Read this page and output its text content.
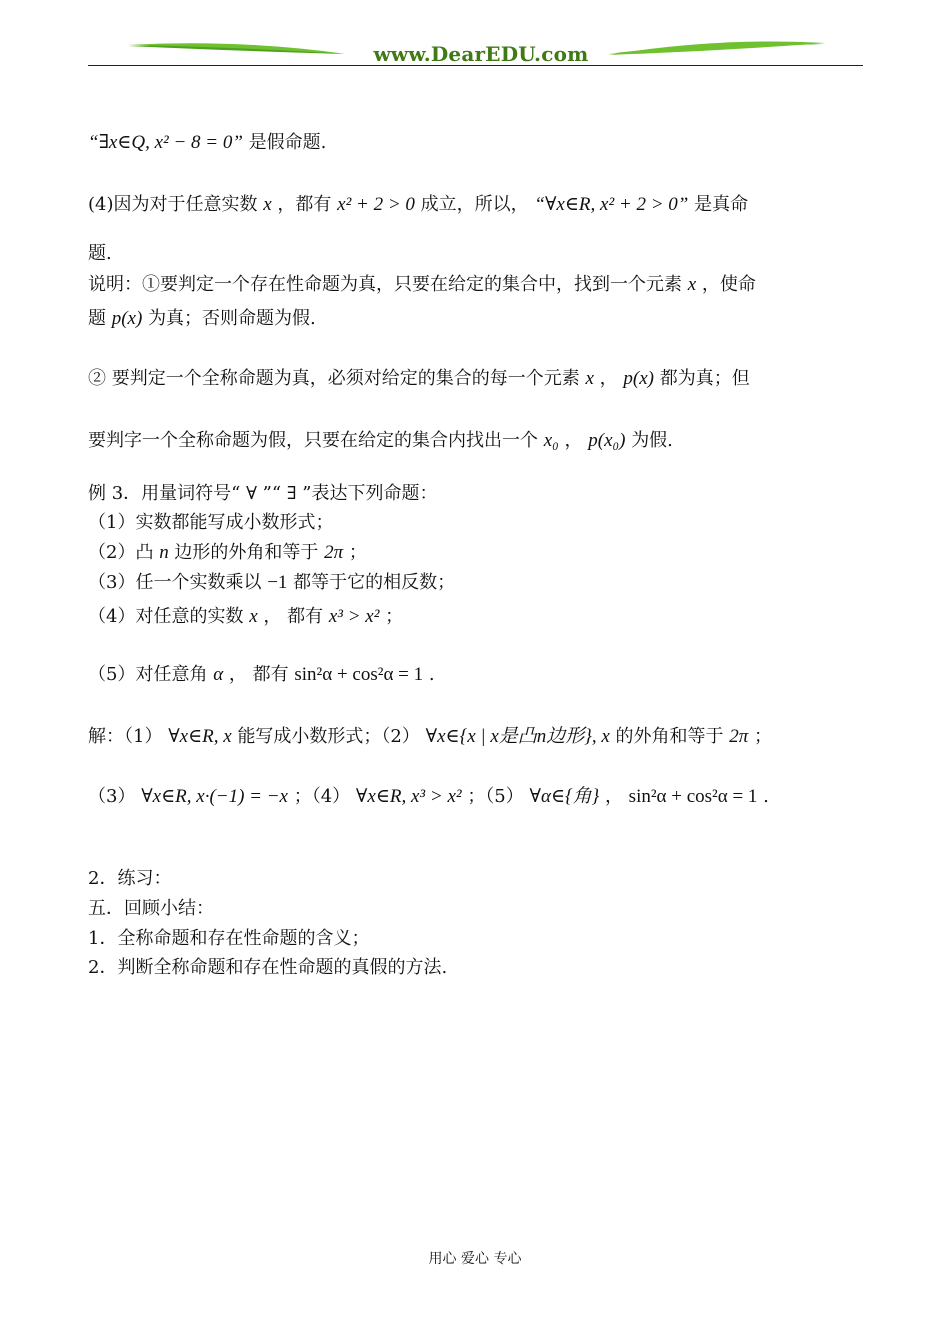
www.DearEDU.com
“∃x∈Q, x² − 8 = 0” 是假命题.
(4)因为对于任意实数 x ，都有 x² + 2 > 0 成立，所以， “∀x∈R, x² + 2 > 0” 是真命
题.
说明：①要判定一个存在性命题为真，只要在给定的集合中，找到一个元素 x ，使命
题 p(x) 为真；否则命题为假.
② 要判定一个全称命题为真，必须对给定的集合的每一个元素 x ， p(x) 都为真；但
要判字一个全称命题为假，只要在给定的集合内找出一个 x₀ ， p(x₀) 为假.
例 3．用量词符号“ ∀ ”“ ∃ ”表达下列命题：
（1）实数都能写成小数形式；
（2）凸 n 边形的外角和等于 2π ；
（3）任一个实数乘以 −1 都等于它的相反数；
（4）对任意的实数 x ， 都有 x³ > x² ；
（5）对任意角 α ， 都有 sin²α + cos²α = 1 .
解：（1） ∀x∈R, x 能写成小数形式；（2） ∀x∈{x | x是凸n边形}, x 的外角和等于 2π ；
（3） ∀x∈R, x·(−1) = −x ；（4） ∀x∈R, x³ > x² ；（5） ∀α∈{角} ， sin²α + cos²α = 1 .
2．练习：
五．回顾小结：
1．全称命题和存在性命题的含义；
2．判断全称命题和存在性命题的真假的方法.
用心 爱心 专心
